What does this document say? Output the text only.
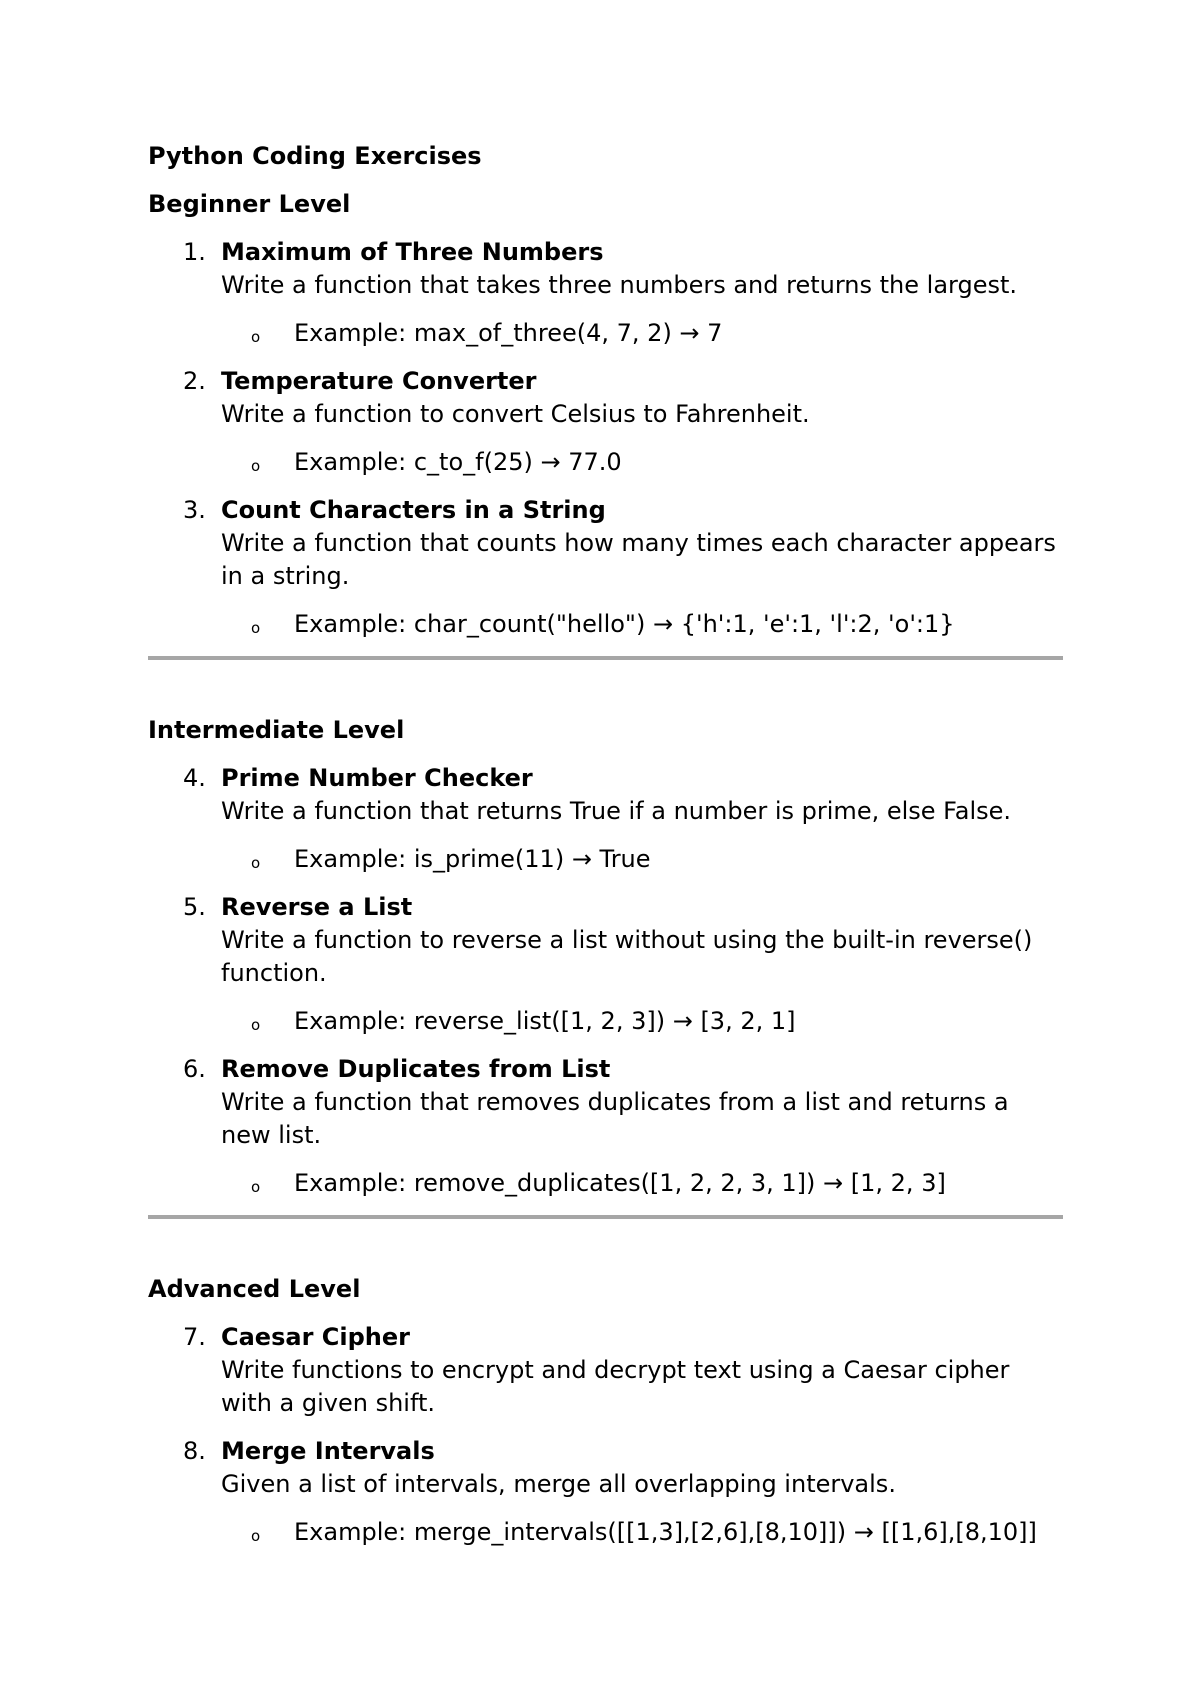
Python Coding Exercises
Beginner Level
1. Maximum of Three Numbers
Write a function that takes three numbers and returns the largest.
o Example: max_of_three(4, 7, 2) → 7
2. Temperature Converter
Write a function to convert Celsius to Fahrenheit.
o Example: c_to_f(25) → 77.0
3. Count Characters in a String
Write a function that counts how many times each character appears in a string.
o Example: char_count("hello") → {'h':1, 'e':1, 'l':2, 'o':1}
Intermediate Level
4. Prime Number Checker
Write a function that returns True if a number is prime, else False.
o Example: is_prime(11) → True
5. Reverse a List
Write a function to reverse a list without using the built-in reverse() function.
o Example: reverse_list([1, 2, 3]) → [3, 2, 1]
6. Remove Duplicates from List
Write a function that removes duplicates from a list and returns a new list.
o Example: remove_duplicates([1, 2, 2, 3, 1]) → [1, 2, 3]
Advanced Level
7. Caesar Cipher
Write functions to encrypt and decrypt text using a Caesar cipher with a given shift.
8. Merge Intervals
Given a list of intervals, merge all overlapping intervals.
o Example: merge_intervals([[1,3],[2,6],[8,10]]) → [[1,6],[8,10]]
